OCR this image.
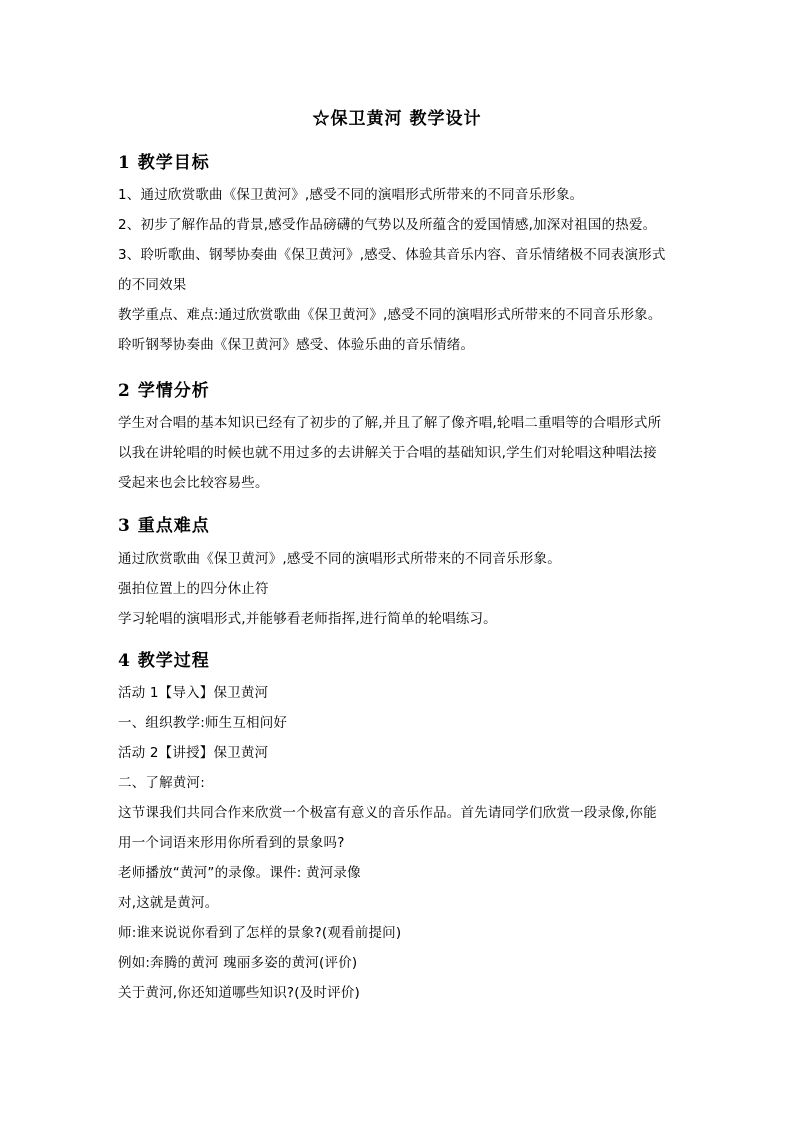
☆保卫黄河 教学设计
1 教学目标
1、通过欣赏歌曲《保卫黄河》,感受不同的演唱形式所带来的不同音乐形象。
2、初步了解作品的背景,感受作品磅礴的气势以及所蕴含的爱国情感,加深对祖国的热爱。
3、聆听歌曲、钢琴协奏曲《保卫黄河》,感受、体验其音乐内容、音乐情绪极不同表演形式
的不同效果
教学重点、难点:通过欣赏歌曲《保卫黄河》,感受不同的演唱形式所带来的不同音乐形象。
聆听钢琴协奏曲《保卫黄河》感受、体验乐曲的音乐情绪。
2 学情分析
学生对合唱的基本知识已经有了初步的了解,并且了解了像齐唱,轮唱二重唱等的合唱形式所
以我在讲轮唱的时候也就不用过多的去讲解关于合唱的基础知识,学生们对轮唱这种唱法接
受起来也会比较容易些。
3 重点难点
通过欣赏歌曲《保卫黄河》,感受不同的演唱形式所带来的不同音乐形象。
强拍位置上的四分休止符
学习轮唱的演唱形式,并能够看老师指挥,进行简单的轮唱练习。
4 教学过程
活动 1【导入】保卫黄河
一、组织教学:师生互相问好
活动 2【讲授】保卫黄河
二、了解黄河:
这节课我们共同合作来欣赏一个极富有意义的音乐作品。首先请同学们欣赏一段录像,你能
用一个词语来形用你所看到的景象吗?
老师播放“黄河”的录像。课件: 黄河录像
对,这就是黄河。
师:谁来说说你看到了怎样的景象?(观看前提问)
例如:奔腾的黄河 瑰丽多姿的黄河(评价)
关于黄河,你还知道哪些知识?(及时评价)
